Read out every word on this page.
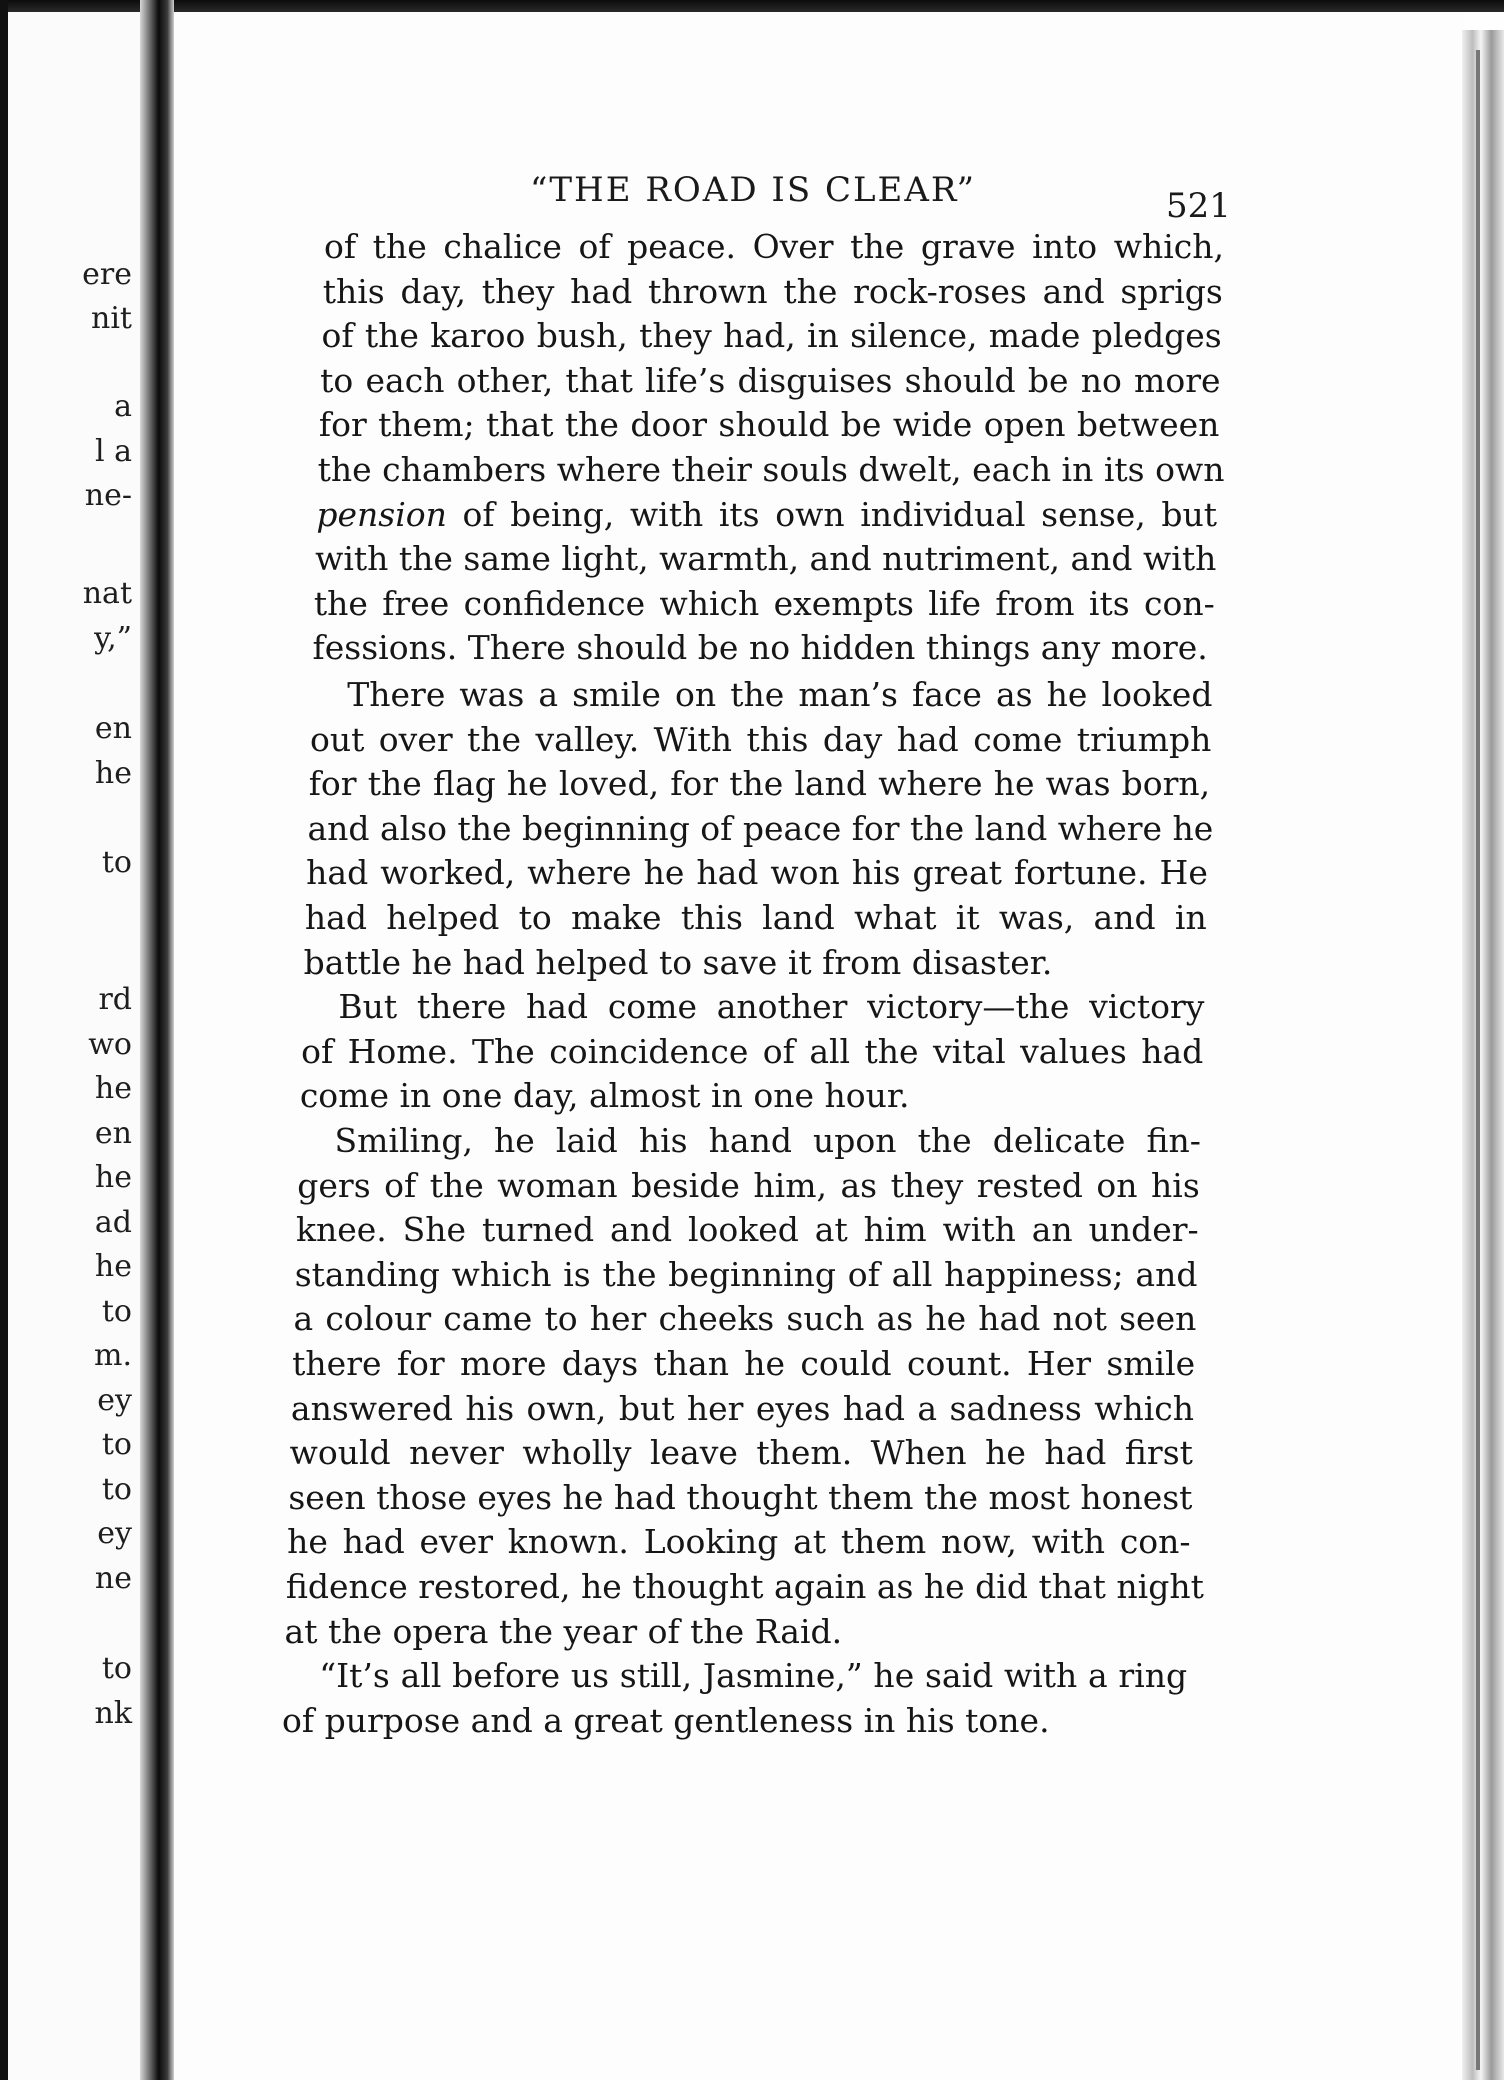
ere
nit
a
l a
ne-
nat
y,”
en
he
to
rd
wo
he
en
he
ad
he
to
m.
ey
to
to
ey
ne
to
nk
“THE ROAD IS CLEAR”	521
of the chalice of peace. Over the grave into which,
this day, they had thrown the rock-roses and sprigs
of the karoo bush, they had, in silence, made pledges
to each other, that life’s disguises should be no more
for them; that the door should be wide open between
the chambers where their souls dwelt, each in its own
pension of being, with its own individual sense, but
with the same light, warmth, and nutriment, and with
the free confidence which exempts life from its con-
fessions. There should be no hidden things any more.
There was a smile on the man’s face as he looked
out over the valley. With this day had come triumph
for the flag he loved, for the land where he was born,
and also the beginning of peace for the land where he
had worked, where he had won his great fortune. He
had helped to make this land what it was, and in
battle he had helped to save it from disaster.
But there had come another victory—the victory
of Home. The coincidence of all the vital values had
come in one day, almost in one hour.
Smiling, he laid his hand upon the delicate fin-
gers of the woman beside him, as they rested on his
knee. She turned and looked at him with an under-
standing which is the beginning of all happiness; and
a colour came to her cheeks such as he had not seen
there for more days than he could count. Her smile
answered his own, but her eyes had a sadness which
would never wholly leave them. When he had first
seen those eyes he had thought them the most honest
he had ever known. Looking at them now, with con-
fidence restored, he thought again as he did that night
at the opera the year of the Raid.
“It’s all before us still, Jasmine,” he said with a ring
of purpose and a great gentleness in his tone.
